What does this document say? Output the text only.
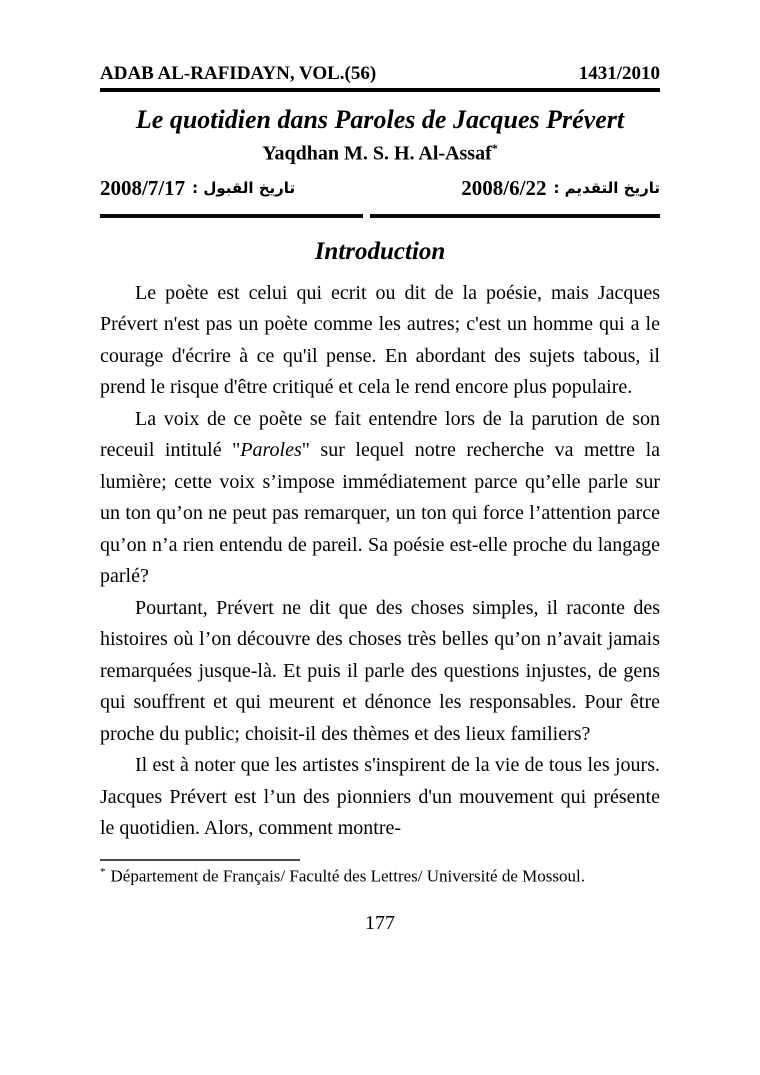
ADAB AL-RAFIDAYN, VOL.(56)	1431/2010
Le quotidien dans Paroles de Jacques Prévert
Yaqdhan M. S. H. Al-Assaf*
تاريخ القبول :
2008/7/17	تاريخ التقديم :
2008/6/22
Introduction

Le poète est celui qui ecrit ou dit de la poésie, mais Jacques Prévert n'est pas un poète comme les autres; c'est un homme qui a le courage d'écrire à ce qu'il pense. En abordant des sujets tabous, il prend le risque d'être critiqué et cela le rend encore plus populaire.

La voix de ce poète se fait entendre lors de la parution de son receuil intitulé "Paroles" sur lequel notre recherche va mettre la lumière; cette voix s’impose immédiatement parce qu’elle parle sur un ton qu’on ne peut pas remarquer, un ton qui force l’attention parce qu’on n’a rien entendu de pareil. Sa poésie est-elle proche du langage parlé?

Pourtant, Prévert ne dit que des choses simples, il raconte des histoires où l’on découvre des choses très belles qu’on n’avait jamais remarquées jusque-là. Et puis il parle des questions injustes, de gens qui souffrent et qui meurent et dénonce les responsables. Pour être proche du public; choisit-il des thèmes et des lieux familiers?

Il est à noter que les artistes s'inspirent de la vie de tous les jours. Jacques Prévert est l’un des pionniers d'un mouvement qui présente le quotidien. Alors, comment montre-

* Département de Français/ Faculté des Lettres/ Université de Mossoul.
177
